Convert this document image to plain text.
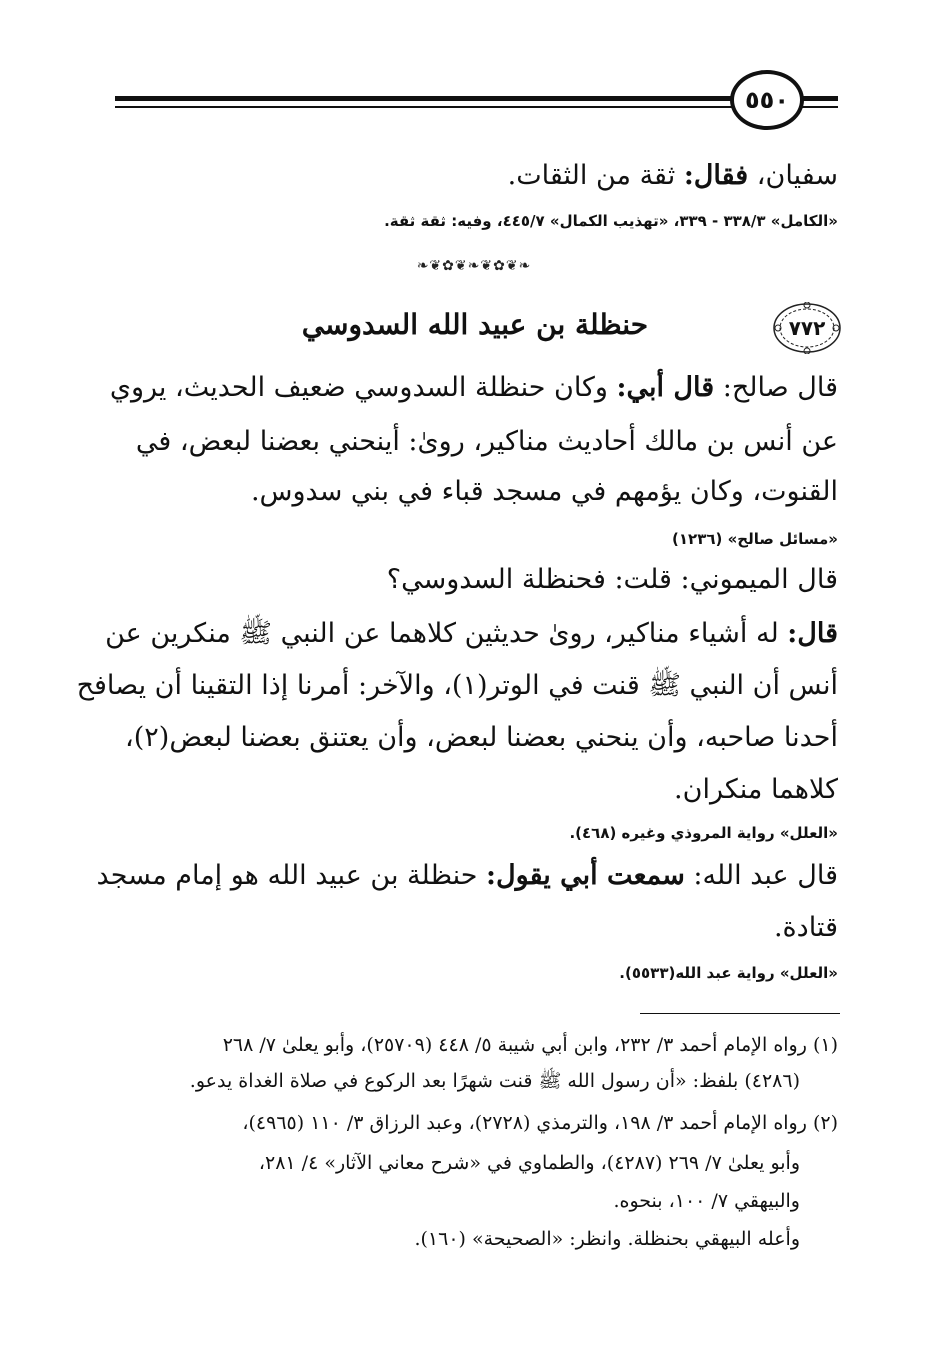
٥٥٠
سفيان، فقال: ثقة من الثقات.
«الكامل» ٣٣٨/٣ - ٣٣٩، «تهذيب الكمال» ٤٤٥/٧، وفيه: ثقة ثقة.
❧❦✿❦❧❦✿❦❧
٧٧٢
حنظلة بن عبيد الله السدوسي
قال صالح: قال أبي: وكان حنظلة السدوسي ضعيف الحديث، يروي
عن أنس بن مالك أحاديث مناكير، روىٰ: أينحني بعضنا لبعض، في
القنوت، وكان يؤمهم في مسجد قباء في بني سدوس.
«مسائل صالح» (١٢٣٦)
قال الميموني: قلت: فحنظلة السدوسي؟
قال: له أشياء مناكير، روىٰ حديثين كلاهما عن النبي ﷺ منكرين عن
أنس أن النبي ﷺ قنت في الوتر(١)، والآخر: أمرنا إذا التقينا أن يصافح
أحدنا صاحبه، وأن ينحني بعضنا لبعض، وأن يعتنق بعضنا لبعض(٢)،
كلاهما منكران.
«العلل» رواية المروذي وغيره (٤٦٨).
قال عبد الله: سمعت أبي يقول: حنظلة بن عبيد الله هو إمام مسجد
قتادة.
«العلل» رواية عبد الله(٥٥٣٣).
(١) رواه الإمام أحمد ٣/ ٢٣٢، وابن أبي شيبة ٥/ ٤٤٨ (٢٥٧٠٩)، وأبو يعلىٰ ٧/ ٢٦٨
(٤٢٨٦) بلفظ: «أن رسول الله ﷺ قنت شهرًا بعد الركوع في صلاة الغداة يدعو.
(٢) رواه الإمام أحمد ٣/ ١٩٨، والترمذي (٢٧٢٨)، وعبد الرزاق ٣/ ١١٠ (٤٩٦٥)،
وأبو يعلىٰ ٧/ ٢٦٩ (٤٢٨٧)، والطماوي في «شرح معاني الآثار» ٤/ ٢٨١،
والبيهقي ٧/ ١٠٠، بنحوه.
وأعله البيهقي بحنظلة. وانظر: «الصحيحة» (١٦٠).
